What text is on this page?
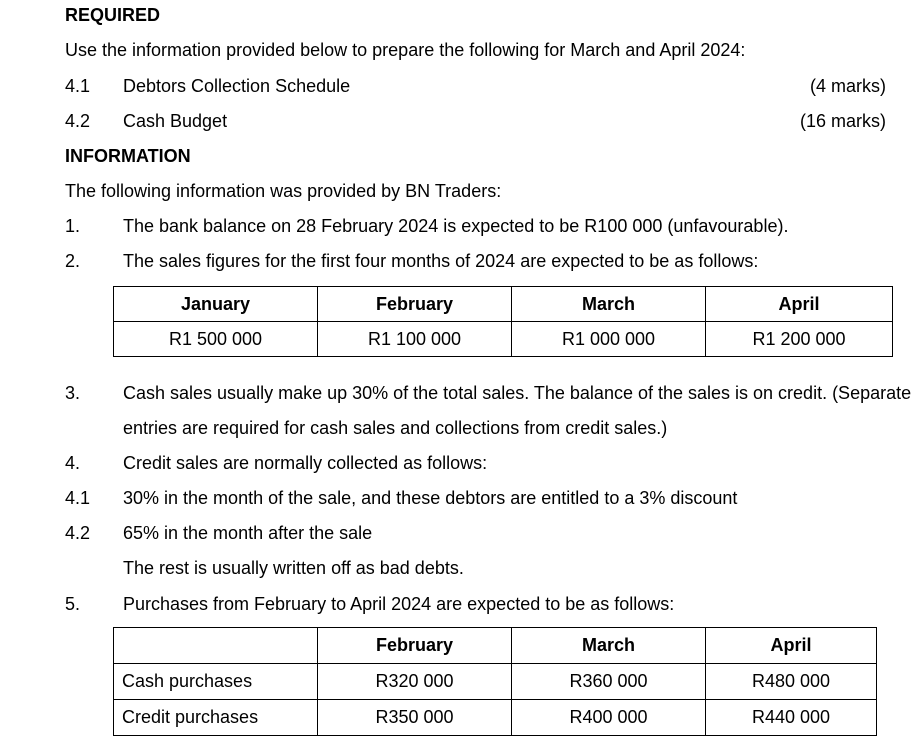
REQUIRED
Use the information provided below to prepare the following for March and April 2024:
4.1 Debtors Collection Schedule	(4 marks)
4.2 Cash Budget	(16 marks)
INFORMATION
The following information was provided by BN Traders:
1. The bank balance on 28 February 2024 is expected to be R100 000 (unfavourable).
2. The sales figures for the first four months of 2024 are expected to be as follows:
January	February	March	April
R1 500 000	R1 100 000	R1 000 000	R1 200 000
3. Cash sales usually make up 30% of the total sales. The balance of the sales is on credit. (Separate
entries are required for cash sales and collections from credit sales.)
4. Credit sales are normally collected as follows:
4.1 30% in the month of the sale, and these debtors are entitled to a 3% discount
4.2 65% in the month after the sale
The rest is usually written off as bad debts.
5. Purchases from February to April 2024 are expected to be as follows:
	February	March	April
Cash purchases	R320 000	R360 000	R480 000
Credit purchases	R350 000	R400 000	R440 000
